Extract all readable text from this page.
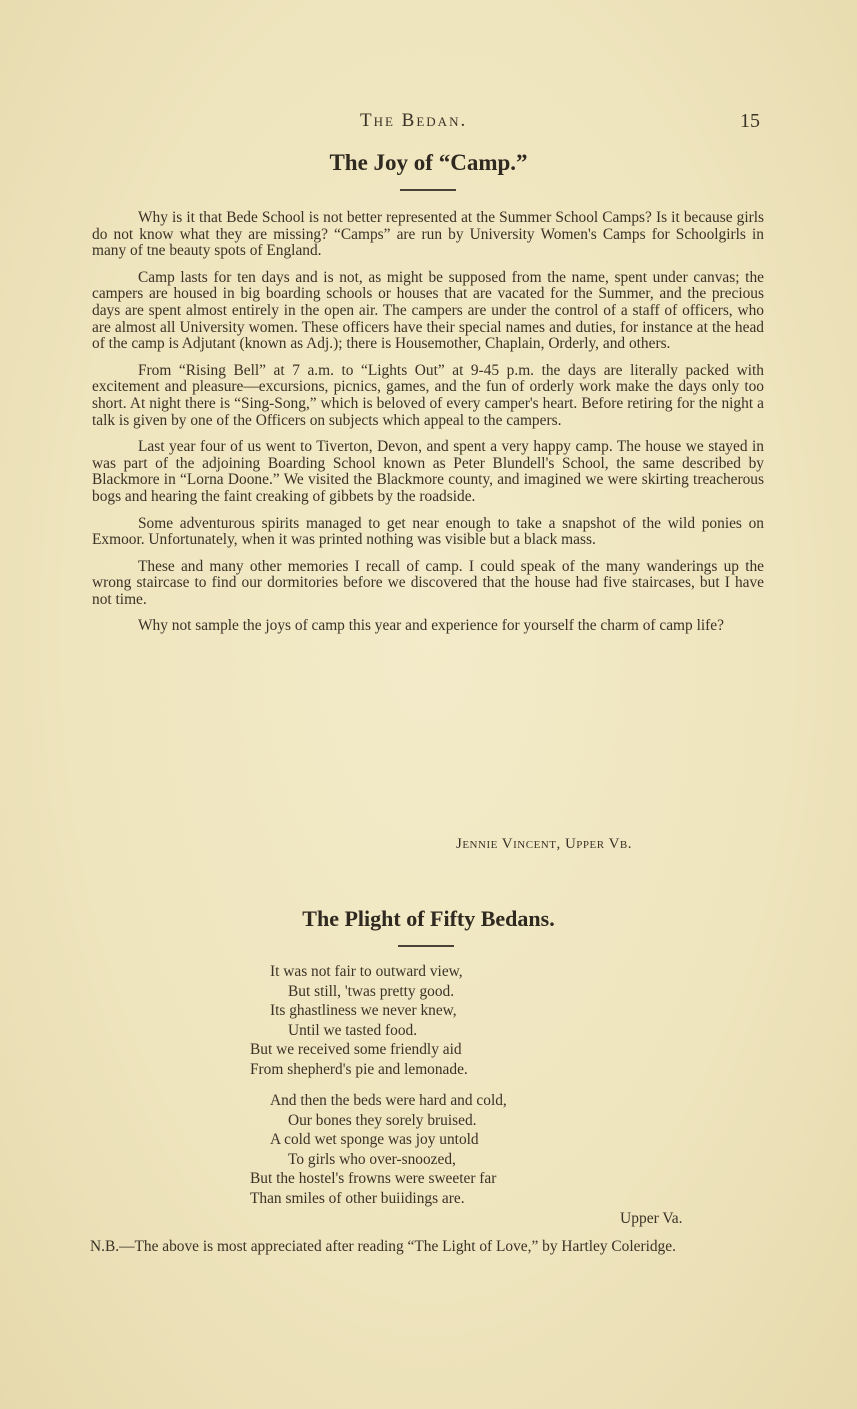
The Bedan.	15
The Joy of “Camp.”

Why is it that Bede School is not better represented at the Summer School Camps? Is it because girls do not know what they are missing? “Camps” are run by University Women's Camps for Schoolgirls in many of tne beauty spots of England.

Camp lasts for ten days and is not, as might be supposed from the name, spent under canvas; the campers are housed in big boarding schools or houses that are vacated for the Summer, and the precious days are spent almost entirely in the open air. The campers are under the control of a staff of officers, who are almost all University women. These officers have their special names and duties, for instance at the head of the camp is Adjutant (known as Adj.); there is Housemother, Chaplain, Orderly, and others.

From “Rising Bell” at 7 a.m. to “Lights Out” at 9-45 p.m. the days are literally packed with excitement and pleasure—excursions, picnics, games, and the fun of orderly work make the days only too short. At night there is “Sing-Song,” which is beloved of every camper's heart. Before retiring for the night a talk is given by one of the Officers on subjects which appeal to the campers.

Last year four of us went to Tiverton, Devon, and spent a very happy camp. The house we stayed in was part of the adjoining Boarding School known as Peter Blundell's School, the same described by Blackmore in “Lorna Doone.” We visited the Blackmore county, and imagined we were skirting treacherous bogs and hearing the faint creaking of gibbets by the roadside.

Some adventurous spirits managed to get near enough to take a snapshot of the wild ponies on Exmoor. Unfortunately, when it was printed nothing was visible but a black mass.

These and many other memories I recall of camp. I could speak of the many wanderings up the wrong staircase to find our dormitories before we discovered that the house had five staircases, but I have not time.

Why not sample the joys of camp this year and experience for yourself the charm of camp life?

Jennie Vincent, Upper Vb.
The Plight of Fifty Bedans.
It was not fair to outward view,
But still, 'twas pretty good.
Its ghastliness we never knew,
Until we tasted food.
But we received some friendly aid
From shepherd's pie and lemonade.
And then the beds were hard and cold,
Our bones they sorely bruised.
A cold wet sponge was joy untold
To girls who over-snoozed,
But the hostel's frowns were sweeter far
Than smiles of other buiidings are.
Upper Va.
N.B.—The above is most appreciated after reading “The Light of Love,” by Hartley Coleridge.
